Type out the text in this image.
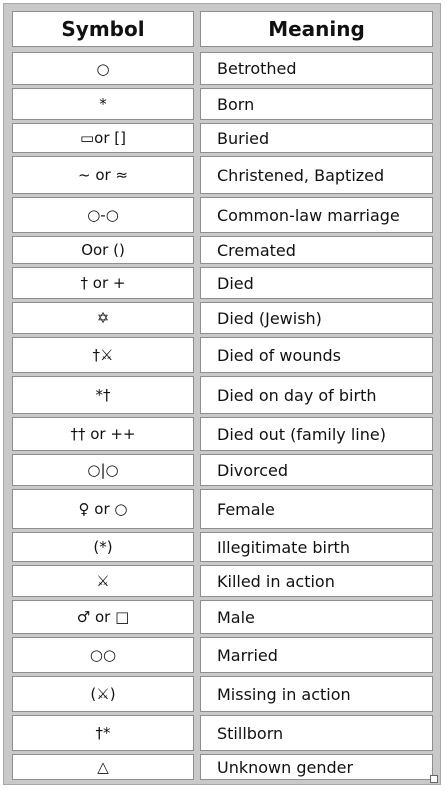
Symbol	Meaning
○	Betrothed
*	Born
▭or []	Buried
~ or ≈	Christened, Baptized
○-○	Common-law marriage
Oor ()	Cremated
† or +	Died
✡	Died (Jewish)
†⚔	Died of wounds
*†	Died on day of birth
†† or ++	Died out (family line)
○|○	Divorced
♀ or ○	Female
(*)	Illegitimate birth
⚔	Killed in action
♂ or □	Male
○○	Married
(⚔)	Missing in action
†*	Stillborn
△	Unknown gender
